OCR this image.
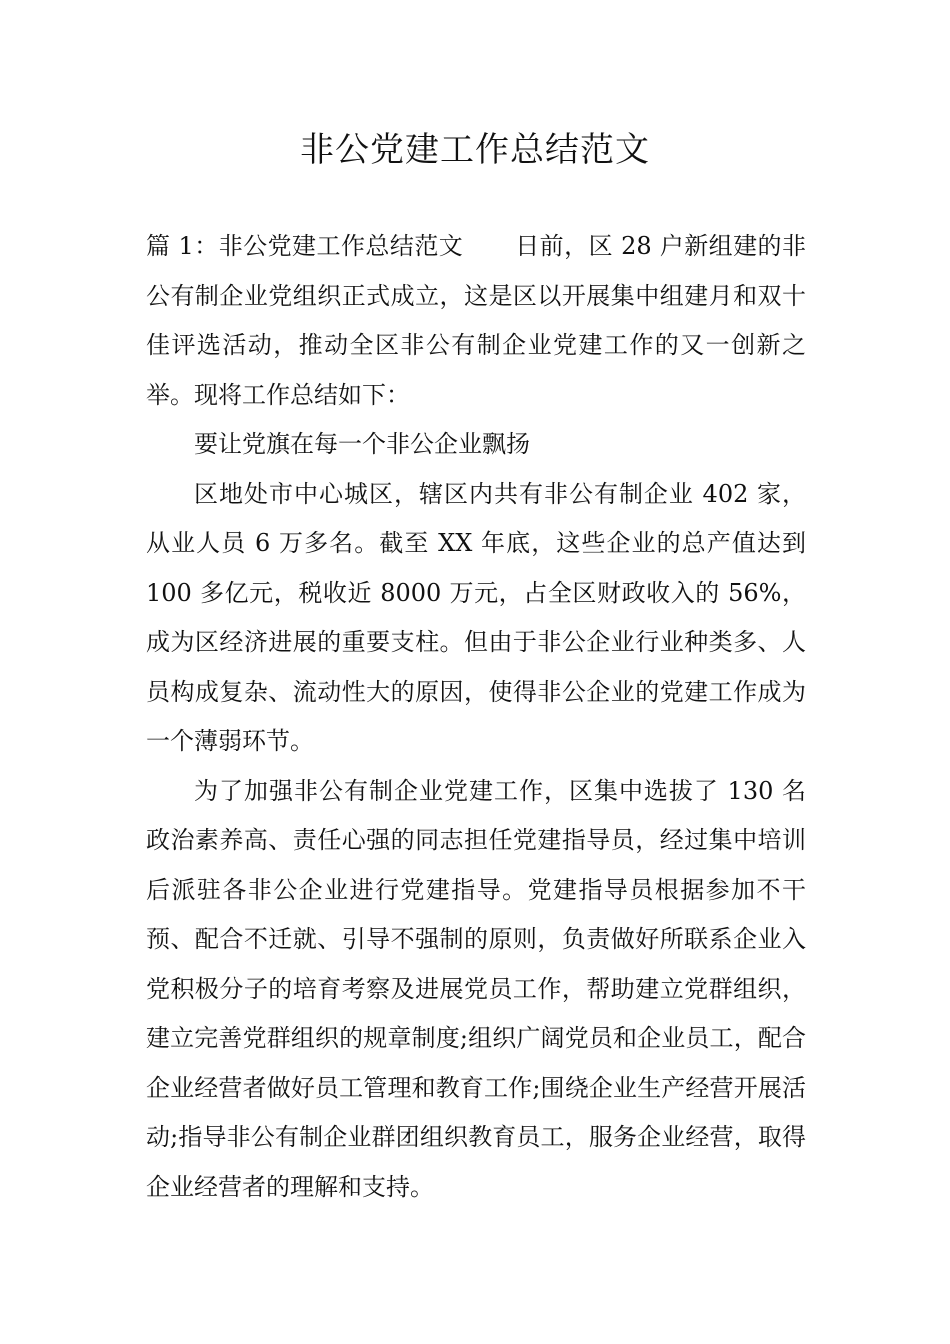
非公党建工作总结范文

篇 1：非公党建工作总结范文 日前，区 28 户新组建的非公有制企业党组织正式成立，这是区以开展集中组建月和双十佳评选活动，推动全区非公有制企业党建工作的又一创新之举。现将工作总结如下：

要让党旗在每一个非公企业飘扬

区地处市中心城区，辖区内共有非公有制企业 402 家，从业人员 6 万多名。截至 XX 年底，这些企业的总产值达到 100 多亿元，税收近 8000 万元，占全区财政收入的 56%，成为区经济进展的重要支柱。但由于非公企业行业种类多、人员构成复杂、流动性大的原因，使得非公企业的党建工作成为一个薄弱环节。

为了加强非公有制企业党建工作，区集中选拔了 130 名政治素养高、责任心强的同志担任党建指导员，经过集中培训后派驻各非公企业进行党建指导。党建指导员根据参加不干预、配合不迁就、引导不强制的原则，负责做好所联系企业入党积极分子的培育考察及进展党员工作，帮助建立党群组织，建立完善党群组织的规章制度;组织广阔党员和企业员工，配合企业经营者做好员工管理和教育工作;围绕企业生产经营开展活动;指导非公有制企业群团组织教育员工，服务企业经营，取得企业经营者的理解和支持。
